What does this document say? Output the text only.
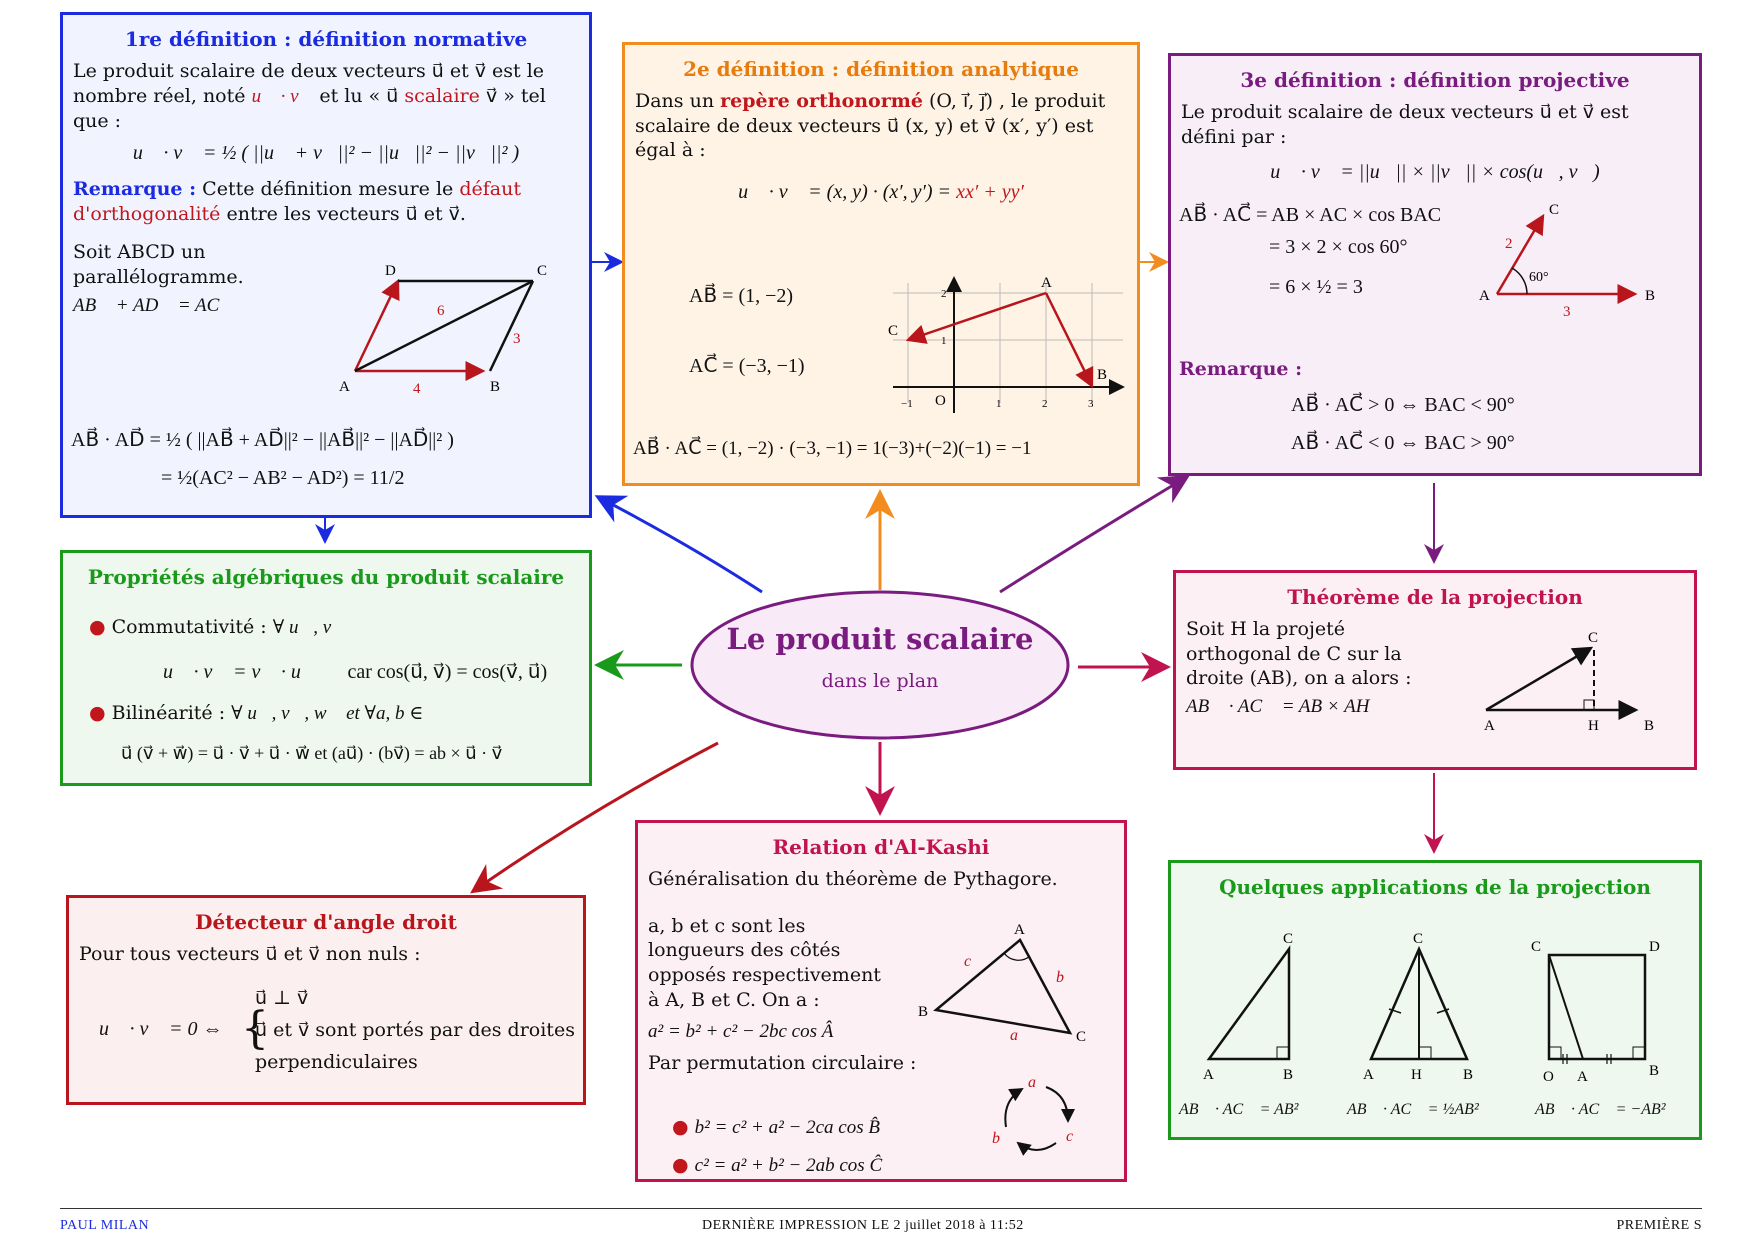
Le produit scalaire
dans le plan
1re définition : définition normative

Le produit scalaire de deux vecteurs u⃗ et v⃗ est le nombre réel, noté u⃗ · v⃗ et lu « u⃗ scalaire v⃗ » tel que :

u⃗ · v⃗ = ½ ( ||u⃗ + v⃗||² − ||u⃗||² − ||v⃗||² )

Remarque : Cette définition mesure le défaut d'orthogonalité entre les vecteurs u⃗ et v⃗.

Soit ABCD un parallélogramme.

AB⃗ + AD⃗ = AC⃗
A	B
C
D
6
3
4
AB⃗ · AD⃗ = ½ ( ||AB⃗ + AD⃗||² − ||AB⃗||² − ||AD⃗||² )
= ½(AC² − AB² − AD²) = 11/2
2e définition : définition analytique

Dans un repère orthonormé (O, ı⃗, ȷ⃗) , le produit scalaire de deux vecteurs u⃗ (x, y) et v⃗ (x′, y′) est égal à :

u⃗ · v⃗ = (x, y) · (x′, y′) = xx′ + yy′
AB⃗ = (1, −2)
AC⃗ = (−3, −1)
A
B
C
O
−1	1	2	3
1
2
AB⃗ · AC⃗ = (1, −2) · (−3, −1) = 1(−3)+(−2)(−1) = −1
3e définition : définition projective

Le produit scalaire de deux vecteurs u⃗ et v⃗ est défini par :

u⃗ · v⃗ = ||u⃗|| × ||v⃗|| × cos(u⃗, v⃗)
AB⃗ · AC⃗ = AB × AC × cos BAC
= 3 × 2 × cos 60°
= 6 × ½ = 3	A	B
C
2
3
60°
Remarque :
AB⃗ · AC⃗ > 0 ⇔ BAC < 90°
AB⃗ · AC⃗ < 0 ⇔ BAC > 90°
Propriétés algébriques du produit scalaire
● Commutativité : ∀ u⃗, v⃗
u⃗ · v⃗ = v⃗ · u⃗ car cos(u⃗, v⃗) = cos(v⃗, u⃗)
● Bilinéarité : ∀ u⃗, v⃗, w⃗ et ∀a, b ∈ ℝ
u⃗ (v⃗ + w⃗) = u⃗ · v⃗ + u⃗ · w⃗ et (au⃗) · (bv⃗) = ab × u⃗ · v⃗
Théorème de la projection

Soit H la projeté orthogonal de C sur la droite (AB), on a alors :

AB⃗ · AC⃗ = AB × AH
A	H	B
C
Détecteur d'angle droit

Pour tous vecteurs u⃗ et v⃗ non nuls :

u⃗ · v⃗ = 0 ⇔ {
u⃗ ⊥ v⃗
u⃗ et v⃗ sont portés par des droites
perpendiculaires
Relation d'Al-Kashi

Généralisation du théorème de Pythagore.

a, b et c sont les longueurs des côtés opposés respectivement à A, B et C. On a :

a² = b² + c² − 2bc cos Â

Par permutation circulaire :

● b² = c² + a² − 2ca cos B̂
● c² = a² + b² − 2ab cos Ĉ
A
B
C
a
b
c
a
c
b
Quelques applications de la projection
A	B
C
A H	B
C	C	D
O A	B
AB⃗ · AC⃗ = AB²	AB⃗ · AC⃗ = ½AB²	AB⃗ · AC⃗ = −AB²
PAUL MILAN	DERNIÈRE IMPRESSION LE 2 juillet 2018 à 11:52	PREMIÈRE S
